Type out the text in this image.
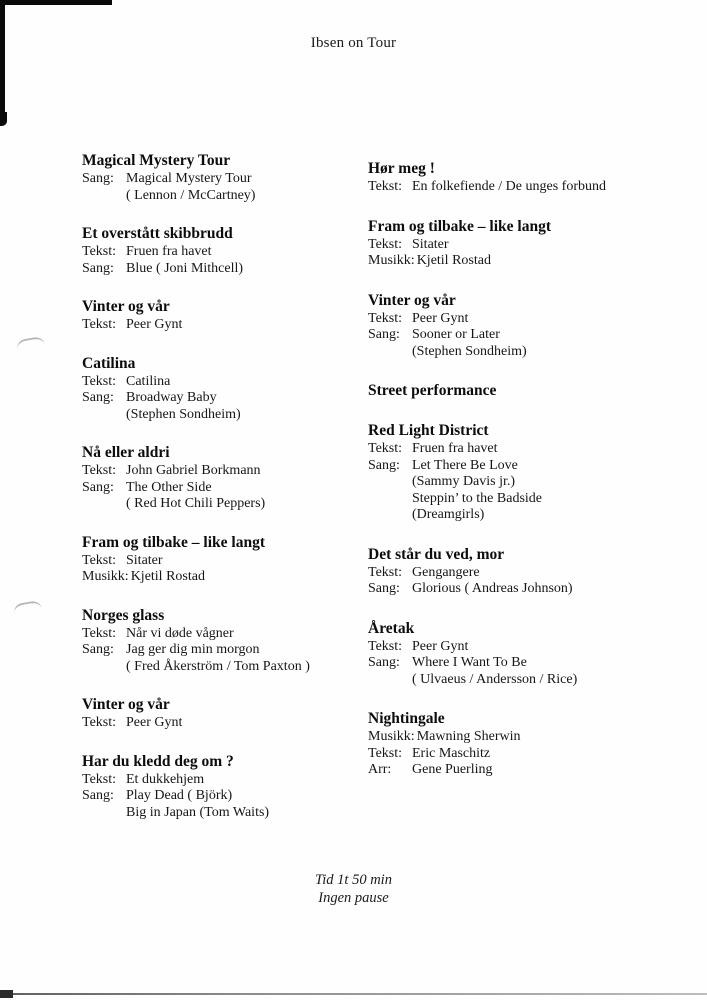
Ibsen on Tour
Magical Mystery Tour
Sang: Magical Mystery Tour
( Lennon / McCartney)
Et overstått skibbrudd
Tekst: Fruen fra havet
Sang: Blue ( Joni Mithcell)
Vinter og vår
Tekst: Peer Gynt
Catilina
Tekst: Catilina
Sang: Broadway Baby
(Stephen Sondheim)
Nå eller aldri
Tekst: John Gabriel Borkmann
Sang: The Other Side
( Red Hot Chili Peppers)
Fram og tilbake – like langt
Tekst: Sitater
Musikk: Kjetil Rostad
Norges glass
Tekst: Når vi døde vågner
Sang: Jag ger dig min morgon
( Fred Åkerström / Tom Paxton )
Vinter og vår
Tekst: Peer Gynt
Har du kledd deg om ?
Tekst: Et dukkehjem
Sang: Play Dead ( Björk)
Big in Japan (Tom Waits)
Hør meg !
Tekst: En folkefiende / De unges forbund
Fram og tilbake – like langt
Tekst: Sitater
Musikk: Kjetil Rostad
Vinter og vår
Tekst: Peer Gynt
Sang: Sooner or Later
(Stephen Sondheim)
Street performance
Red Light District
Tekst: Fruen fra havet
Sang: Let There Be Love
(Sammy Davis jr.)
Steppin’ to the Badside
(Dreamgirls)
Det står du ved, mor
Tekst: Gengangere
Sang: Glorious ( Andreas Johnson)
Åretak
Tekst: Peer Gynt
Sang: Where I Want To Be
( Ulvaeus / Andersson / Rice)
Nightingale
Musikk: Mawning Sherwin
Tekst: Eric Maschitz
Arr: Gene Puerling
Tid 1t 50 min
Ingen pause
